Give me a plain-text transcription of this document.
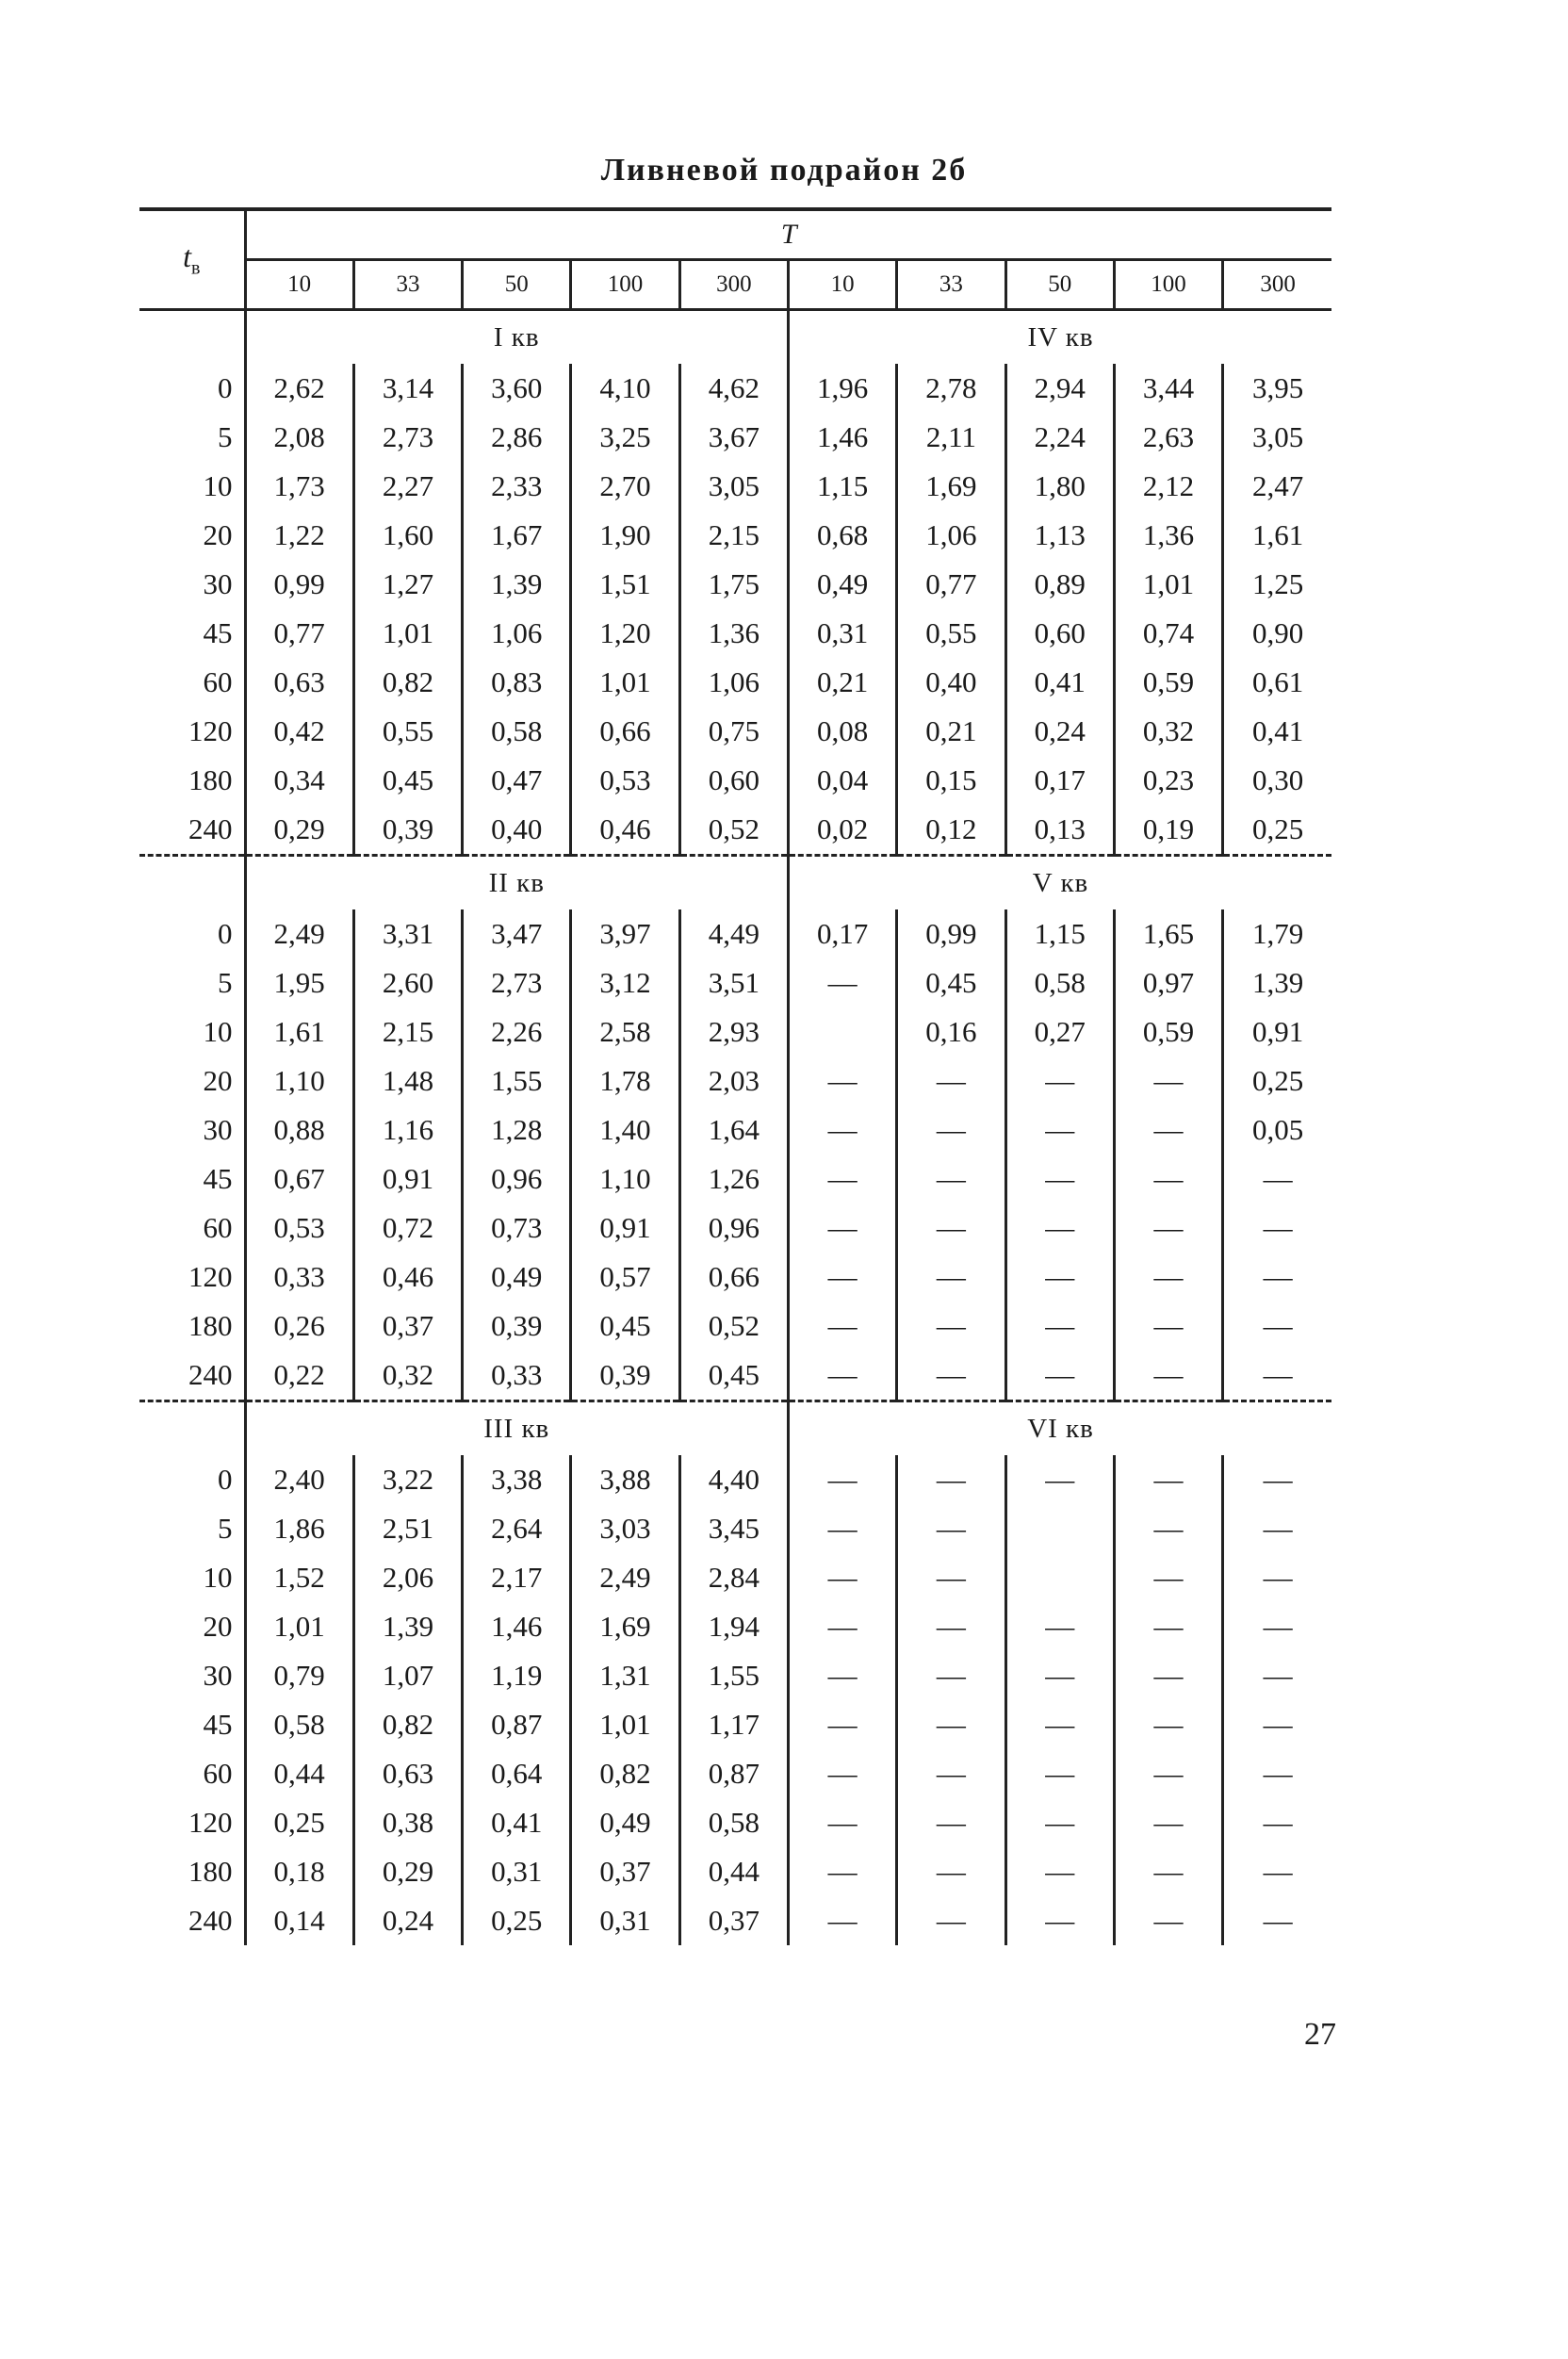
Ливневой подрайон 2б
$t_в$	T									
	10	33	50	100	300	10	33	50	100	300
	I кв					IV кв				
0	2,62	3,14	3,60	4,10	4,62	1,96	2,78	2,94	3,44	3,95
5	2,08	2,73	2,86	3,25	3,67	1,46	2,11	2,24	2,63	3,05
10	1,73	2,27	2,33	2,70	3,05	1,15	1,69	1,80	2,12	2,47
20	1,22	1,60	1,67	1,90	2,15	0,68	1,06	1,13	1,36	1,61
30	0,99	1,27	1,39	1,51	1,75	0,49	0,77	0,89	1,01	1,25
45	0,77	1,01	1,06	1,20	1,36	0,31	0,55	0,60	0,74	0,90
60	0,63	0,82	0,83	1,01	1,06	0,21	0,40	0,41	0,59	0,61
120	0,42	0,55	0,58	0,66	0,75	0,08	0,21	0,24	0,32	0,41
180	0,34	0,45	0,47	0,53	0,60	0,04	0,15	0,17	0,23	0,30
240	0,29	0,39	0,40	0,46	0,52	0,02	0,12	0,13	0,19	0,25
	II кв					V кв				
0	2,49	3,31	3,47	3,97	4,49	0,17	0,99	1,15	1,65	1,79
5	1,95	2,60	2,73	3,12	3,51	—	0,45	0,58	0,97	1,39
10	1,61	2,15	2,26	2,58	2,93		0,16	0,27	0,59	0,91
20	1,10	1,48	1,55	1,78	2,03	—	—	—	—	0,25
30	0,88	1,16	1,28	1,40	1,64	—	—	—	—	0,05
45	0,67	0,91	0,96	1,10	1,26	—	—	—	—	—
60	0,53	0,72	0,73	0,91	0,96	—	—	—	—	—
120	0,33	0,46	0,49	0,57	0,66	—	—	—	—	—
180	0,26	0,37	0,39	0,45	0,52	—	—	—	—	—
240	0,22	0,32	0,33	0,39	0,45	—	—	—	—	—
	III кв					VI кв				
0	2,40	3,22	3,38	3,88	4,40	—	—	—	—	—
5	1,86	2,51	2,64	3,03	3,45	—	—		—	—
10	1,52	2,06	2,17	2,49	2,84	—	—		—	—
20	1,01	1,39	1,46	1,69	1,94	—	—	—	—	—
30	0,79	1,07	1,19	1,31	1,55	—	—	—	—	—
45	0,58	0,82	0,87	1,01	1,17	—	—	—	—	—
60	0,44	0,63	0,64	0,82	0,87	—	—	—	—	—
120	0,25	0,38	0,41	0,49	0,58	—	—	—	—	—
180	0,18	0,29	0,31	0,37	0,44	—	—	—	—	—
240	0,14	0,24	0,25	0,31	0,37	—	—	—	—	—
27
